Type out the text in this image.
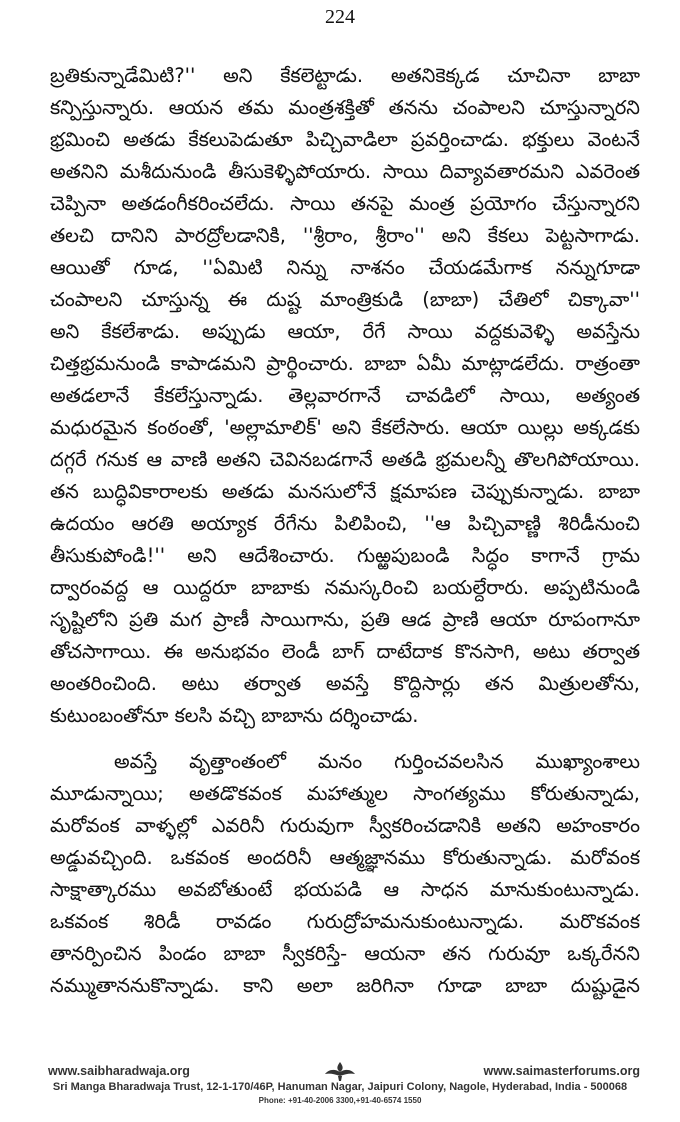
224
బ్రతికున్నాడేమిటి?'' అని కేకలెట్టాడు. అతనికెక్కడ చూచినా బాబా
కన్పిస్తున్నారు. ఆయన తమ మంత్రశక్తితో తనను చంపాలని చూస్తున్నారని
భ్రమించి అతడు కేకలుపెడుతూ పిచ్చివాడిలా ప్రవర్తించాడు. భక్తులు వెంటనే
అతనిని మశీదునుండి తీసుకెళ్ళిపోయారు. సాయి దివ్యావతారమని ఎవరెంత
చెప్పినా అతడంగీకరించలేదు. సాయి తనపై మంత్ర ప్రయోగం చేస్తున్నారని
తలచి దానిని పారద్రోలడానికి, ''శ్రీరాం, శ్రీరాం'' అని కేకలు పెట్టసాగాడు.
ఆయితో గూడ, ''ఏమిటి నిన్ను నాశనం చేయడమేగాక నన్నుగూడా
చంపాలని చూస్తున్న ఈ దుష్ట మాంత్రికుడి (బాబా) చేతిలో చిక్కావా''
అని కేకలేశాడు. అప్పుడు ఆయా, రేగే సాయి వద్దకువెళ్ళి అవస్తేను
చిత్తభ్రమనుండి కాపాడమని ప్రార్థించారు. బాబా ఏమీ మాట్లాడలేదు. రాత్రంతా
అతడలానే కేకలేస్తున్నాడు. తెల్లవారగానే చావడిలో సాయి, అత్యంత
మధురమైన కంఠంతో, 'అల్లామాలిక్' అని కేకలేసారు. ఆయా యిల్లు అక్కడకు
దగ్గరే గనుక ఆ వాణి అతని చెవినబడగానే అతడి భ్రమలన్నీ తొలగిపోయాయి.
తన బుద్ధివికారాలకు అతడు మనసులోనే క్షమాపణ చెప్పుకున్నాడు. బాబా
ఉదయం ఆరతి అయ్యాక రేగేను పిలిపించి, ''ఆ పిచ్చివాణ్ణి శిరిడీనుంచి
తీసుకుపోండి!'' అని ఆదేశించారు. గుఱ్ఱపుబండి సిద్ధం కాగానే గ్రామ
ద్వారంవద్ద ఆ యిద్దరూ బాబాకు నమస్కరించి బయల్దేరారు. అప్పటినుండి
సృష్టిలోని ప్రతి మగ ప్రాణీ సాయిగాను, ప్రతి ఆడ ప్రాణి ఆయా రూపంగానూ
తోచసాగాయి. ఈ అనుభవం లెండీ బాగ్ దాటేదాక కొనసాగి, అటు తర్వాత
అంతరించింది. అటు తర్వాత అవస్తే కొద్దిసార్లు తన మిత్రులతోను,
కుటుంబంతోనూ కలసి వచ్చి బాబాను దర్శించాడు.
అవస్తే వృత్తాంతంలో మనం గుర్తించవలసిన ముఖ్యాంశాలు
మూడున్నాయి; అతడొకవంక మహాత్ముల సాంగత్యము కోరుతున్నాడు,
మరోవంక వాళ్ళల్లో ఎవరినీ గురువుగా స్వీకరించడానికి అతని అహంకారం
అడ్డువచ్చింది. ఒకవంక అందరినీ ఆత్మజ్ఞానము కోరుతున్నాడు. మరోవంక
సాక్షాత్కారము అవబోతుంటే భయపడి ఆ సాధన మానుకుంటున్నాడు.
ఒకవంక శిరిడీ రావడం గురుద్రోహమనుకుంటున్నాడు. మరొకవంక
తానర్పించిన పిండం బాబా స్వీకరిస్తే- ఆయనా తన గురువూ ఒక్కరేనని
నమ్ముతాననుకొన్నాడు. కాని అలా జరిగినా గూడా బాబా దుష్టుడైన
www.saibharadwaja.org	www.saimasterforums.org
Sri Manga Bharadwaja Trust, 12-1-170/46P, Hanuman Nagar, Jaipuri Colony, Nagole, Hyderabad, India - 500068
Phone: +91-40-2006 3300,+91-40-6574 1550
